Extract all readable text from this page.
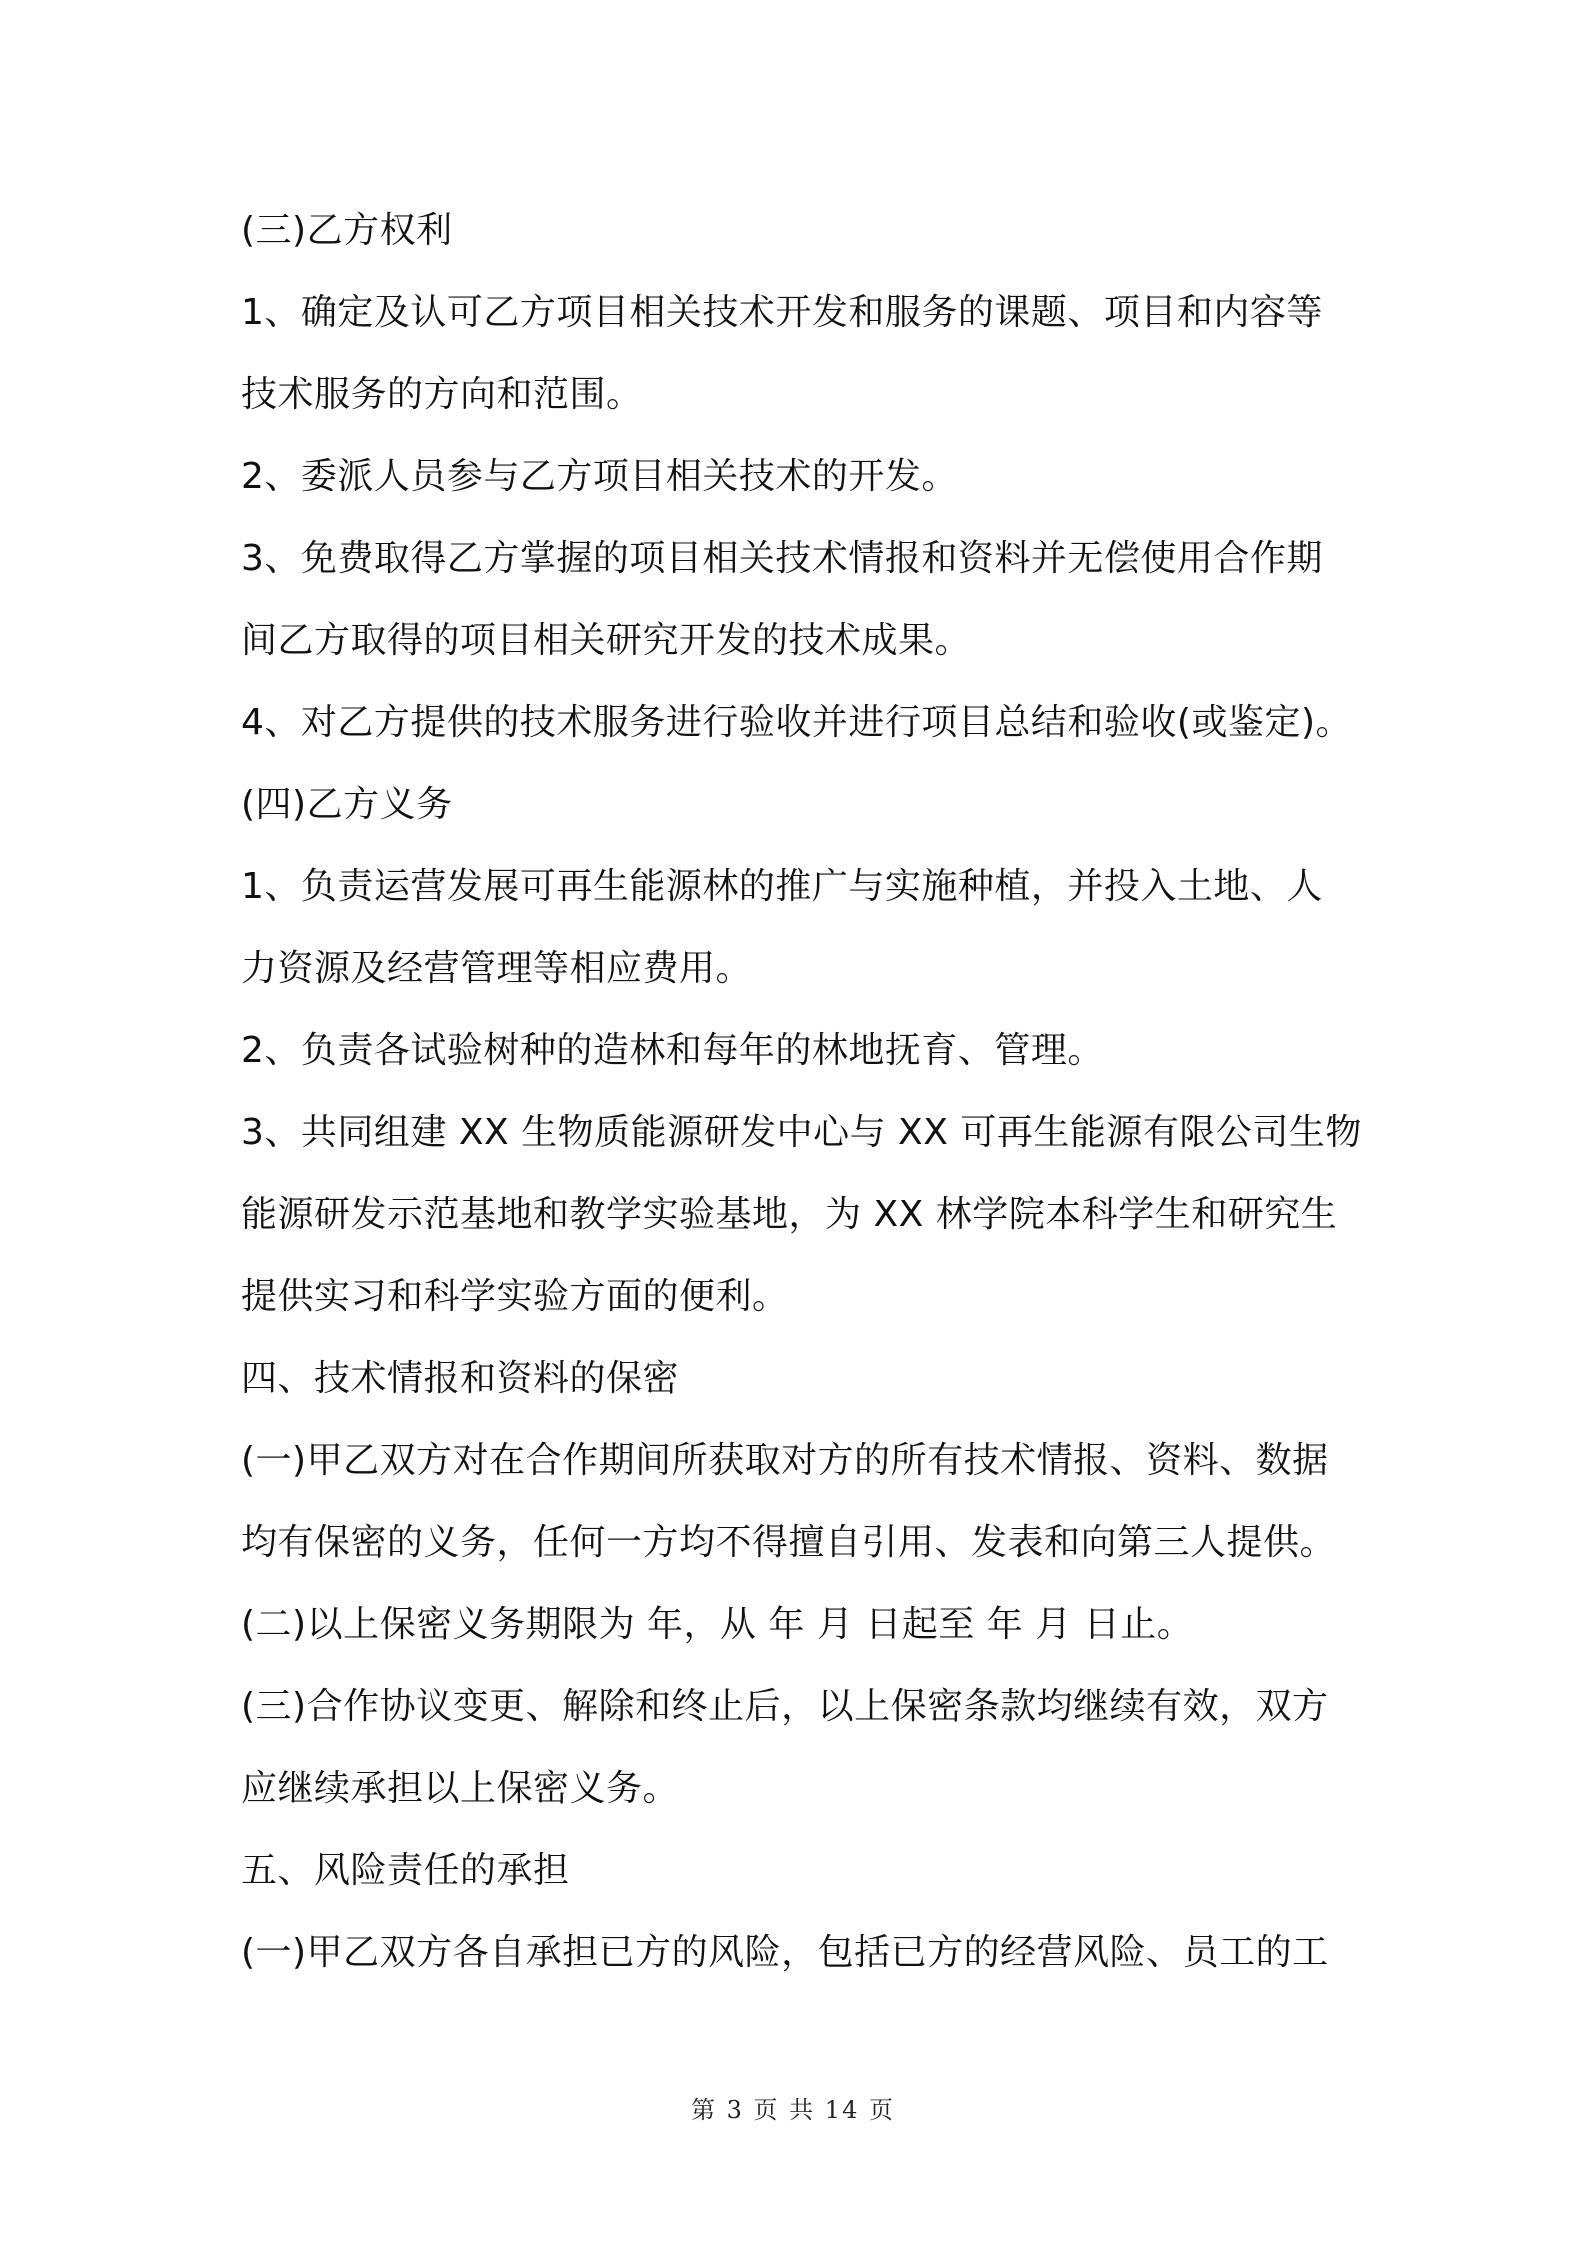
(三)乙方权利
1、确定及认可乙方项目相关技术开发和服务的课题、项目和内容等
技术服务的方向和范围。
2、委派人员参与乙方项目相关技术的开发。
3、免费取得乙方掌握的项目相关技术情报和资料并无偿使用合作期
间乙方取得的项目相关研究开发的技术成果。
4、对乙方提供的技术服务进行验收并进行项目总结和验收(或鉴定)。
(四)乙方义务
1、负责运营发展可再生能源林的推广与实施种植，并投入土地、人
力资源及经营管理等相应费用。
2、负责各试验树种的造林和每年的林地抚育、管理。
3、共同组建 XX 生物质能源研发中心与 XX 可再生能源有限公司生物
能源研发示范基地和教学实验基地，为 XX 林学院本科学生和研究生
提供实习和科学实验方面的便利。
四、技术情报和资料的保密
(一)甲乙双方对在合作期间所获取对方的所有技术情报、资料、数据
均有保密的义务，任何一方均不得擅自引用、发表和向第三人提供。
(二)以上保密义务期限为 年，从 年 月 日起至 年 月 日止。
(三)合作协议变更、解除和终止后，以上保密条款均继续有效，双方
应继续承担以上保密义务。
五、风险责任的承担
(一)甲乙双方各自承担已方的风险，包括已方的经营风险、员工的工
第 3 页 共 14 页
